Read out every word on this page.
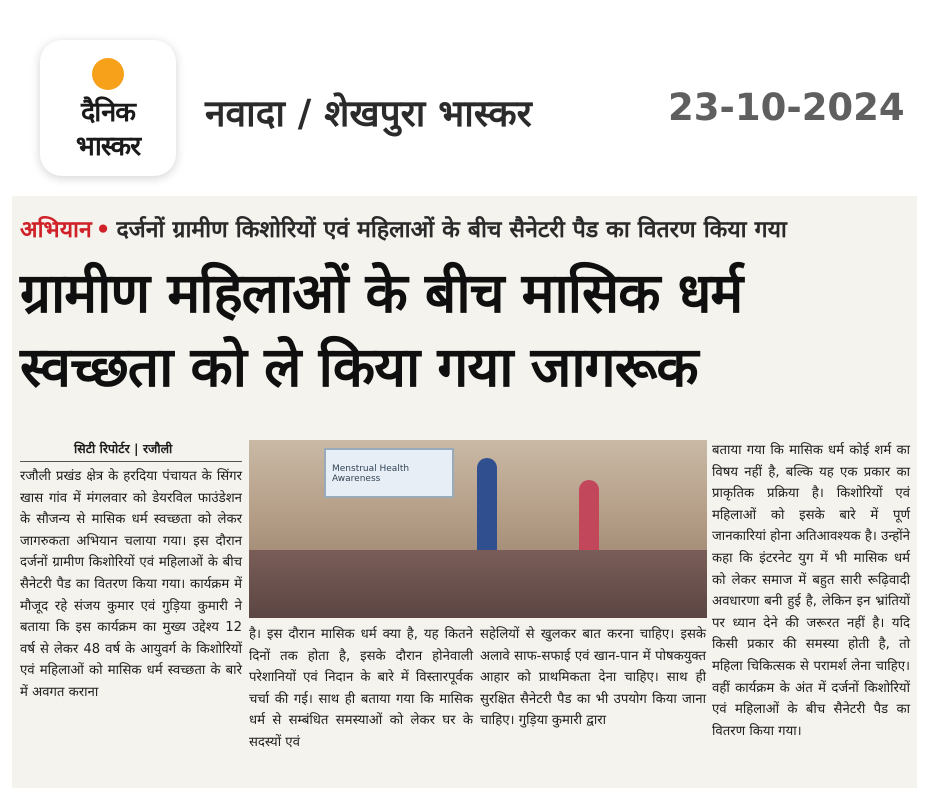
दैनिक
भास्कर
नवादा / शेखपुरा भास्कर	23-10-2024
अभियान • दर्जनों ग्रामीण किशोरियों एवं महिलाओं के बीच सैनेटरी पैड का वितरण किया गया
ग्रामीण महिलाओं के बीच मासिक धर्म
स्वच्छता को ले किया गया जागरूक
सिटी रिपोर्टर | रजौली
रजौली प्रखंड क्षेत्र के हरदिया पंचायत के सिंगर खास गांव में मंगलवार को डेयरविल फाउंडेशन के सौजन्य से मासिक धर्म स्वच्छता को लेकर जागरुकता अभियान चलाया गया। इस दौरान दर्जनों ग्रामीण किशोरियों एवं महिलाओं के बीच सैनेटरी पैड का वितरण किया गया। कार्यक्रम में मौजूद रहे संजय कुमार एवं गुड़िया कुमारी ने बताया कि इस कार्यक्रम का मुख्य उद्देश्य 12 वर्ष से लेकर 48 वर्ष के आयुवर्ग के किशोरियों एवं महिलाओं को मासिक धर्म स्वच्छता के बारे में अवगत कराना
Menstrual Health Awareness
है। इस दौरान मासिक धर्म क्या है, यह कितने दिनों तक होता है, इसके दौरान होनेवाली परेशानियों एवं निदान के बारे में विस्तारपूर्वक चर्चा की गई। साथ ही बताया गया कि मासिक धर्म से सम्बंधित समस्याओं को लेकर घर के सदस्यों एवं
सहेलियों से खुलकर बात करना चाहिए। इसके अलावे साफ-सफाई एवं खान-पान में पोषकयुक्त आहार को प्राथमिकता देना चाहिए। साथ ही सुरक्षित सैनेटरी पैड का भी उपयोग किया जाना चाहिए। गुड़िया कुमारी द्वारा
बताया गया कि मासिक धर्म कोई शर्म का विषय नहीं है, बल्कि यह एक प्रकार का प्राकृतिक प्रक्रिया है। किशोरियों एवं महिलाओं को इसके बारे में पूर्ण जानकारियां होना अतिआवश्यक है। उन्होंने कहा कि इंटरनेट युग में भी मासिक धर्म को लेकर समाज में बहुत सारी रूढ़िवादी अवधारणा बनी हुई है, लेकिन इन भ्रांतियों पर ध्यान देने की जरूरत नहीं है। यदि किसी प्रकार की समस्या होती है, तो महिला चिकित्सक से परामर्श लेना चाहिए। वहीं कार्यक्रम के अंत में दर्जनों किशोरियों एवं महिलाओं के बीच सैनेटरी पैड का वितरण किया गया।
